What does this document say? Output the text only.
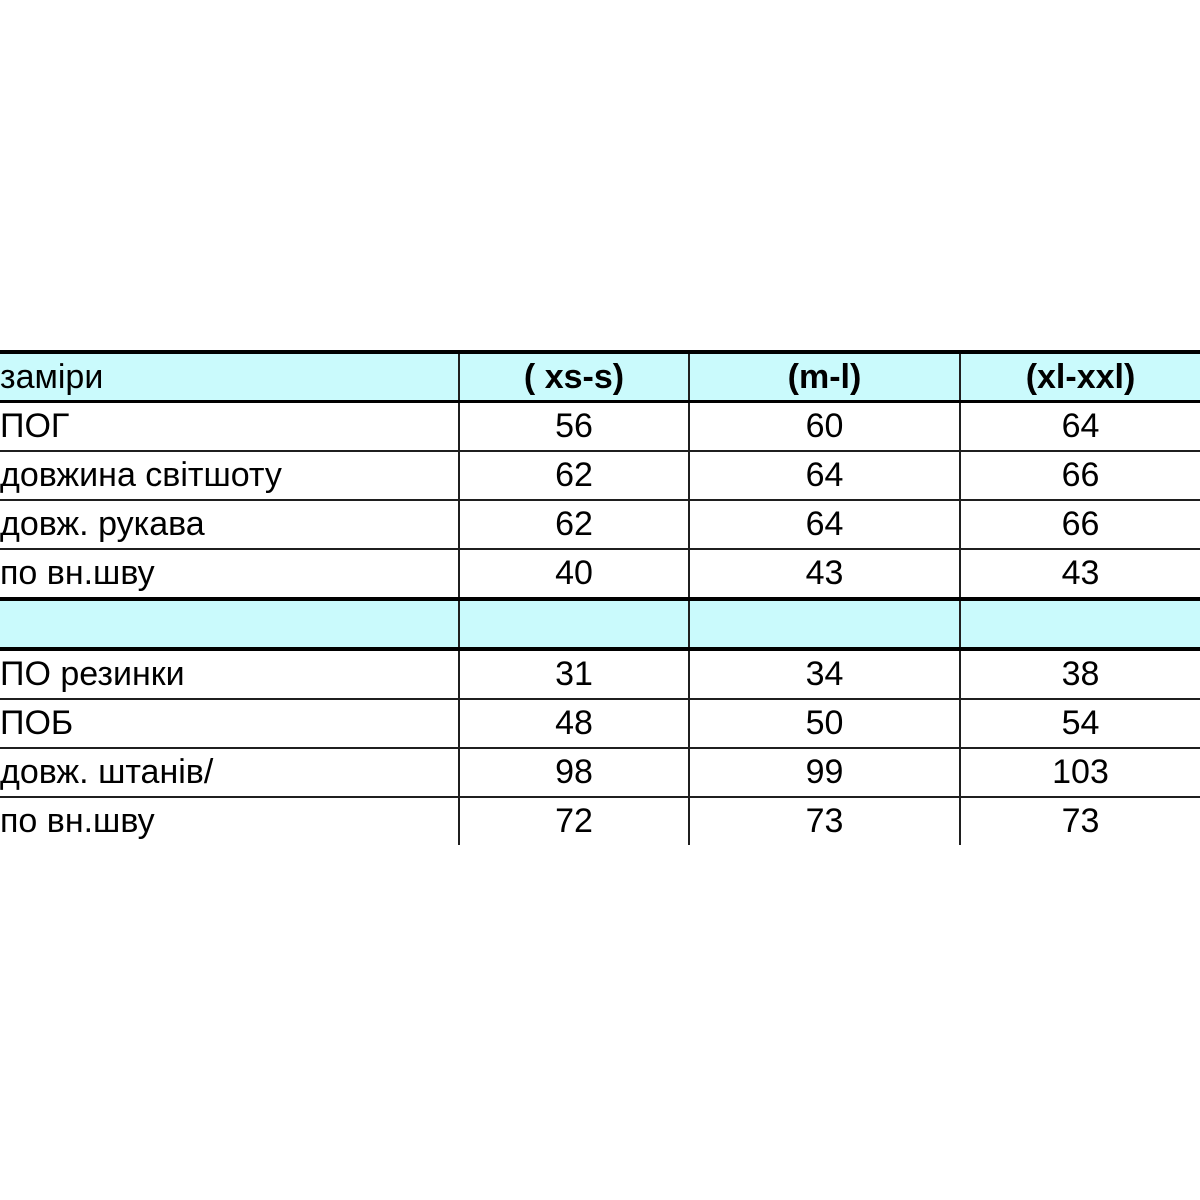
заміри	( xs-s)	(m-l)	(xl-xxl)
ПОГ	56	60	64
довжина світшоту	62	64	66
довж. рукава	62	64	66
по вн.шву	40	43	43

ПО резинки	31	34	38
ПОБ	48	50	54
довж. штанів/	98	99	103
по вн.шву	72	73	73
